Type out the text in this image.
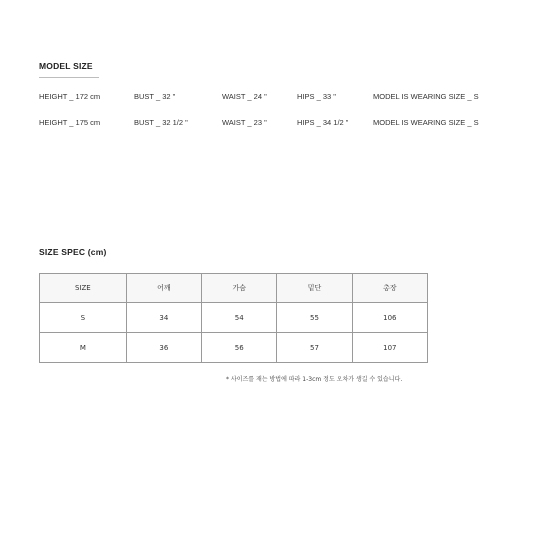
MODEL SIZE
HEIGHT _ 172 cm	BUST _ 32 "	WAIST _ 24 "	HIPS _ 33 "	MODEL IS WEARING SIZE _ S
HEIGHT _ 175 cm	BUST _ 32 1/2 "	WAIST _ 23 "	HIPS _ 34 1/2 "	MODEL IS WEARING SIZE _ S
SIZE SPEC (cm)
SIZE	어깨	가슴	밑단	총장
S	34	54	55	106
M	36	56	57	107
* 사이즈를 재는 방법에 따라 1-3cm 정도 오차가 생길 수 있습니다.
